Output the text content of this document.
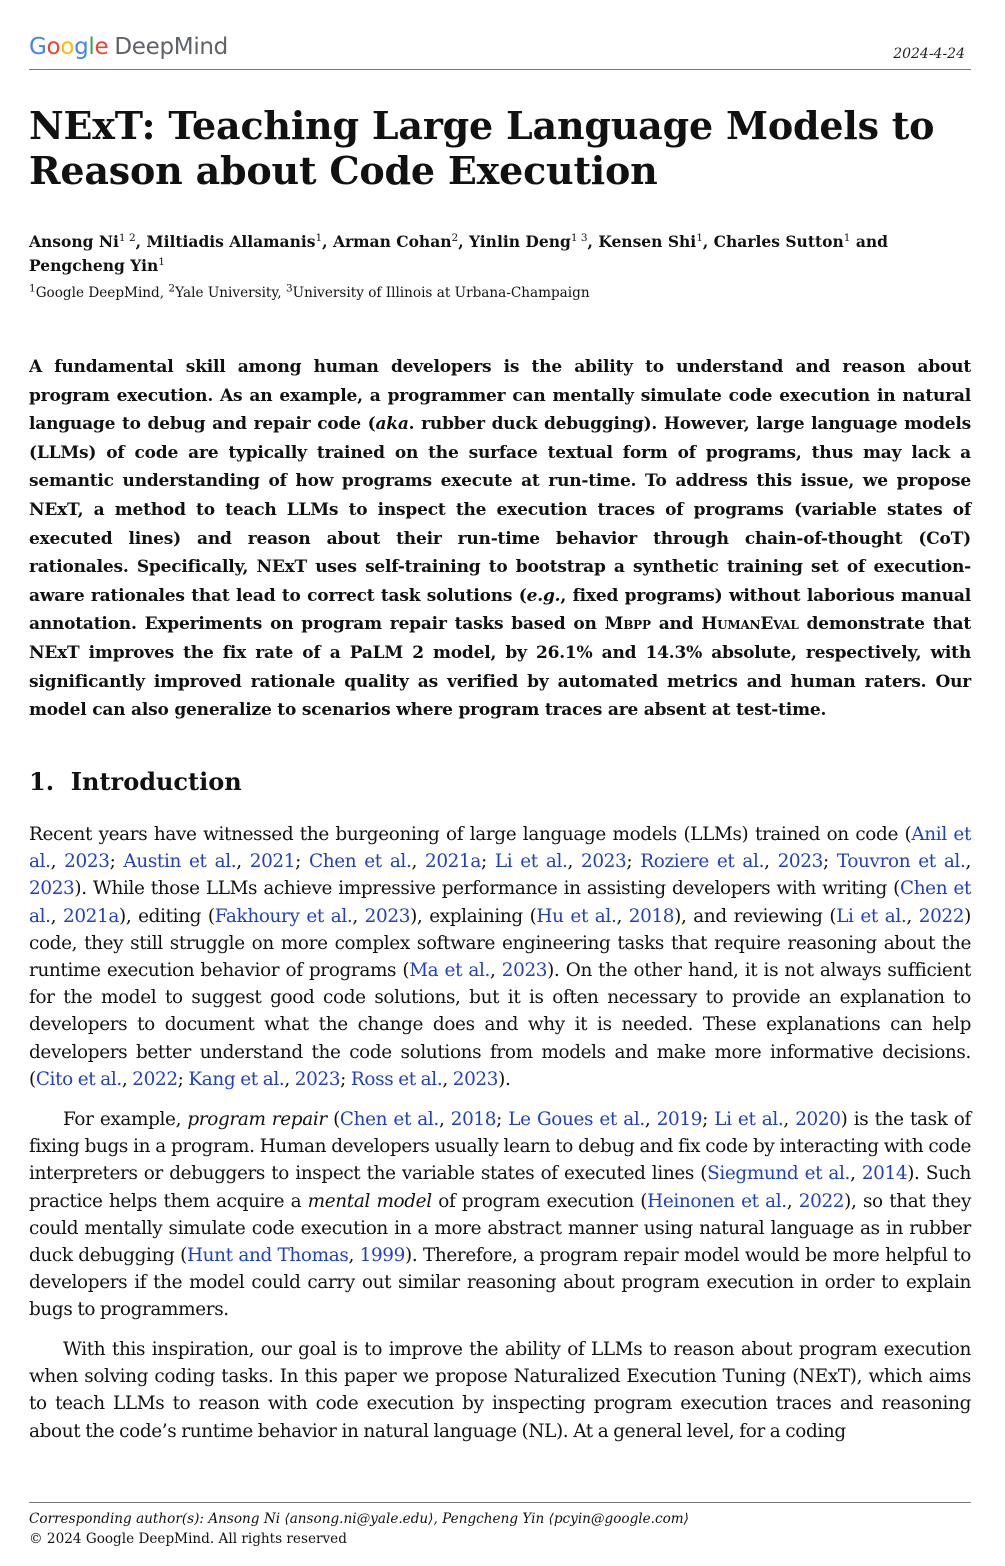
Google DeepMind	2024-4-24
NExT: Teaching Large Language Models to Reason about Code Execution

Ansong $Ni^{1 2}$, Miltiadis Allamanis$^1$, Arman Cohan$^2$, Yinlin Deng$^{1 3}$, Kensen Shi$^1$, Charles Sutton$^1$ and
Pengcheng Yin$^1$

$^1$Google DeepMind, $^2$Yale University, $^3$University of Illinois at Urbana-Champaign

A fundamental skill among human developers is the ability to understand and reason about program execution. As an example, a programmer can mentally simulate code execution in natural language to debug and repair code (aka. rubber duck debugging). However, large language models (LLMs) of code are typically trained on the surface textual form of programs, thus may lack a semantic understanding of how programs execute at run-time. To address this issue, we propose NExT, a method to teach LLMs to inspect the execution traces of programs (variable states of executed lines) and reason about their run-time behavior through chain-of-thought (CoT) rationales. Specifically, NExT uses self-training to bootstrap a synthetic training set of execution-aware rationales that lead to correct task solutions (e.g., fixed programs) without laborious manual annotation. Experiments on program repair tasks based on Mbpp and HumanEval demonstrate that NExT improves the fix rate of a PaLM 2 model, by 26.1% and 14.3% absolute, respectively, with significantly improved rationale quality as verified by automated metrics and human raters. Our model can also generalize to scenarios where program traces are absent at test-time.

1. Introduction

Recent years have witnessed the burgeoning of large language models (LLMs) trained on code (Anil et al., 2023; Austin et al., 2021; Chen et al., 2021a; Li et al., 2023; Roziere et al., 2023; Touvron et al., 2023). While those LLMs achieve impressive performance in assisting developers with writing (Chen et al., 2021a), editing (Fakhoury et al., 2023), explaining (Hu et al., 2018), and reviewing (Li et al., 2022) code, they still struggle on more complex software engineering tasks that require reasoning about the runtime execution behavior of programs (Ma et al., 2023). On the other hand, it is not always sufficient for the model to suggest good code solutions, but it is often necessary to provide an explanation to developers to document what the change does and why it is needed. These explanations can help developers better understand the code solutions from models and make more informative decisions. (Cito et al., 2022; Kang et al., 2023; Ross et al., 2023).

For example, program repair (Chen et al., 2018; Le Goues et al., 2019; Li et al., 2020) is the task of fixing bugs in a program. Human developers usually learn to debug and fix code by interacting with code interpreters or debuggers to inspect the variable states of executed lines (Siegmund et al., 2014). Such practice helps them acquire a mental model of program execution (Heinonen et al., 2022), so that they could mentally simulate code execution in a more abstract manner using natural language as in rubber duck debugging (Hunt and Thomas, 1999). Therefore, a program repair model would be more helpful to developers if the model could carry out similar reasoning about program execution in order to explain bugs to programmers.

With this inspiration, our goal is to improve the ability of LLMs to reason about program execution when solving coding tasks. In this paper we propose Naturalized Execution Tuning (NExT), which aims to teach LLMs to reason with code execution by inspecting program execution traces and reasoning about the code’s runtime behavior in natural language (NL). At a general level, for a coding

Corresponding author(s): Ansong Ni ⟨ansong.ni@yale.edu⟩, Pengcheng Yin ⟨pcyin@google.com⟩
© 2024 Google DeepMind. All rights reserved
